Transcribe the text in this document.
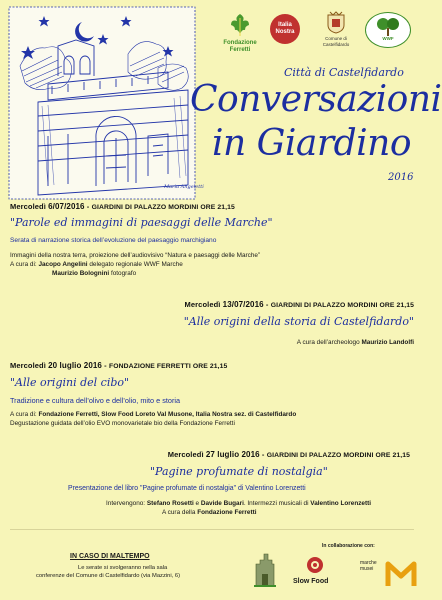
Maria Angeletti
Fondazione
Ferretti
Italia
Nostra
Comune di Castelfidardo
WWF
Città di Castelfidardo
Conversazioni
in Giardino
2016
Mercoledì 6/07/2016 - GIARDINI DI PALAZZO MORDINI ORE 21,15
"Parole ed immagini di paesaggi delle Marche"
Serata di narrazione storica dell’evoluzione del paesaggio marchigiano
Immagini della nostra terra, proiezione dell’audiovisivo “Natura e paesaggi delle Marche”
A cura di: Jacopo Angelini delegato regionale WWF Marche
Maurizio Bolognini fotografo
Mercoledì 13/07/2016 - GIARDINI DI PALAZZO MORDINI ORE 21,15
"Alle origini della storia di Castelfidardo"
A cura dell’archeologo Maurizio Landolfi
Mercoledì 20 luglio 2016 - FONDAZIONE FERRETTI ORE 21,15
"Alle origini del cibo"
Tradizione e cultura dell’olivo e dell’olio, mito e storia
A cura di: Fondazione Ferretti, Slow Food Loreto Val Musone, Italia Nostra sez. di Castelfidardo
Degustazione guidata dell’olio EVO monovarietale bio della Fondazione Ferretti
Mercoledì 27 luglio 2016 - GIARDINI DI PALAZZO MORDINI ORE 21,15
"Pagine profumate di nostalgia"
Presentazione del libro "Pagine profumate di nostalgia" di Valentino Lorenzetti
Intervengono: Stefano Rosetti e Davide Bugari. Intermezzi musicali di Valentino Lorenzetti
A cura della Fondazione Ferretti
IN CASO DI MALTEMPO
Le serate si svolgeranno nella sala
conferenze del Comune di Castelfidardo (via Mazzini, 6)
In collaborazione con:
Slow Food
marche
musei
